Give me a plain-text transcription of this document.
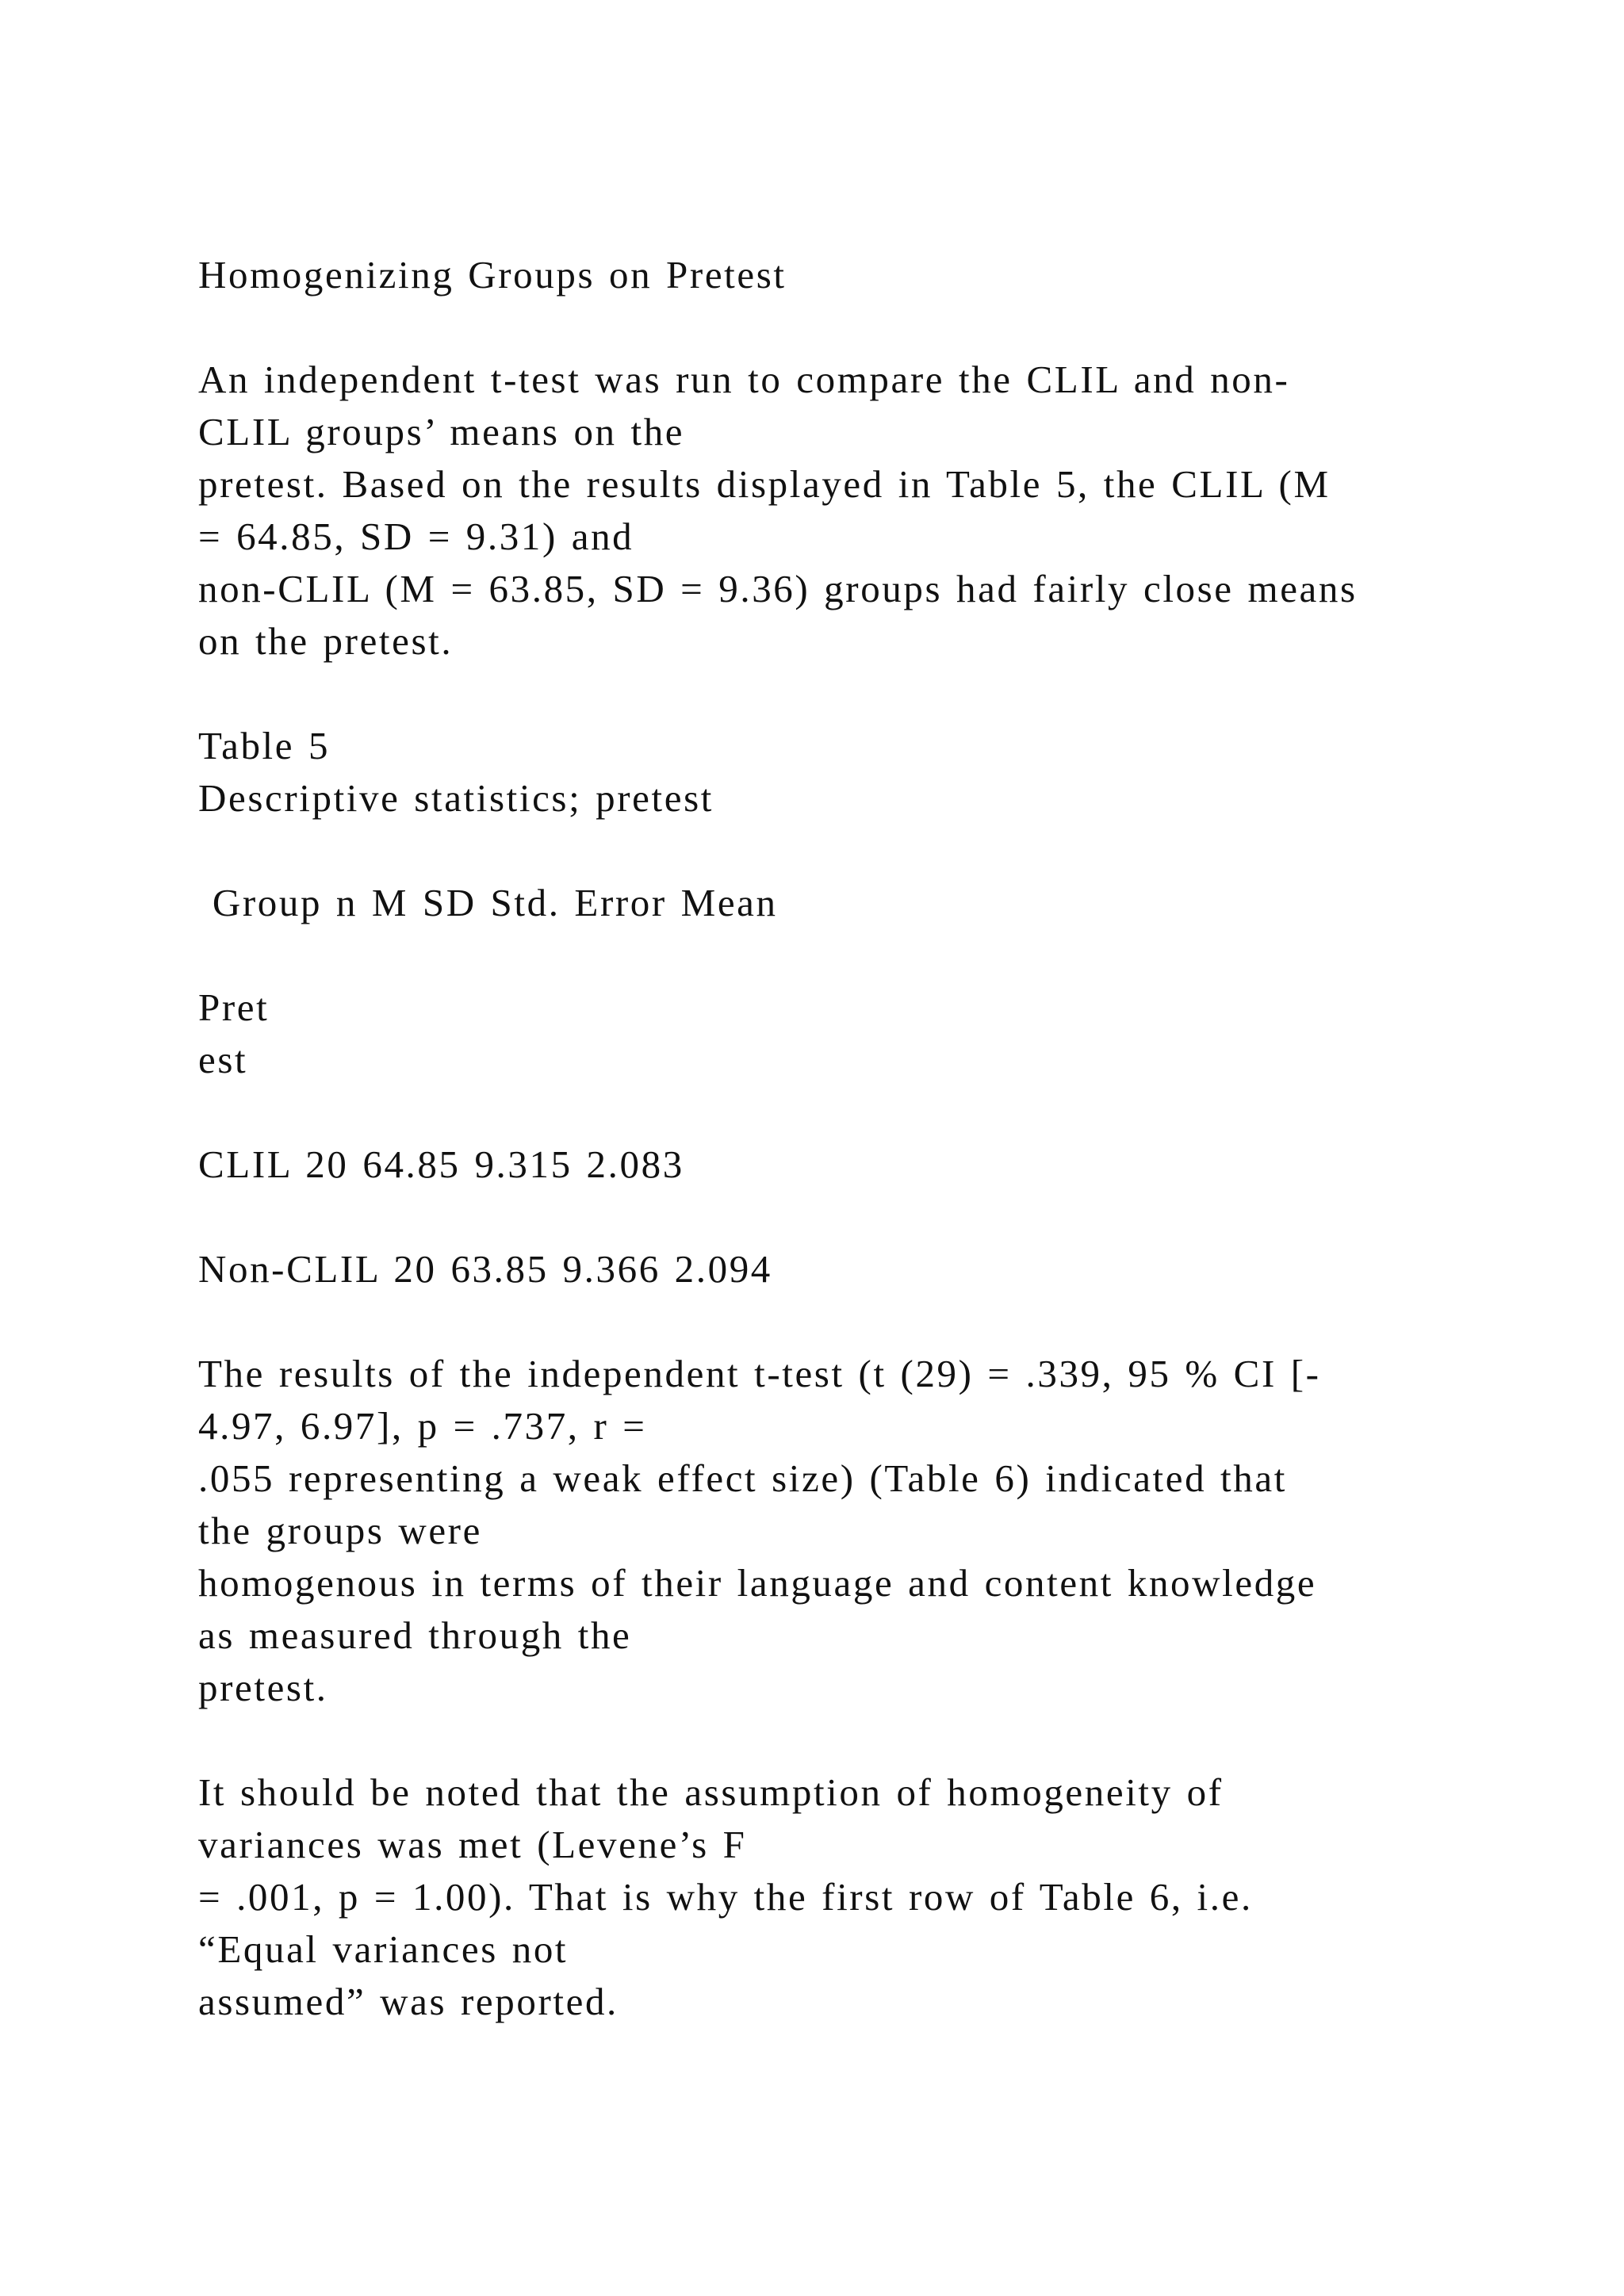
Homogenizing Groups on Pretest
An independent t-test was run to compare the CLIL and non-
CLIL groups’ means on the
pretest. Based on the results displayed in Table 5, the CLIL (M
= 64.85, SD = 9.31) and
non-CLIL (M = 63.85, SD = 9.36) groups had fairly close means
on the pretest.
Table 5
Descriptive statistics; pretest
Group n M SD Std. Error Mean
Pret
est
CLIL 20 64.85 9.315 2.083
Non-CLIL 20 63.85 9.366 2.094
The results of the independent t-test (t (29) = .339, 95 % CI [-
4.97, 6.97], p = .737, r =
.055 representing a weak effect size) (Table 6) indicated that
the groups were
homogenous in terms of their language and content knowledge
as measured through the
pretest.
It should be noted that the assumption of homogeneity of
variances was met (Levene’s F
= .001, p = 1.00). That is why the first row of Table 6, i.e.
“Equal variances not
assumed” was reported.
